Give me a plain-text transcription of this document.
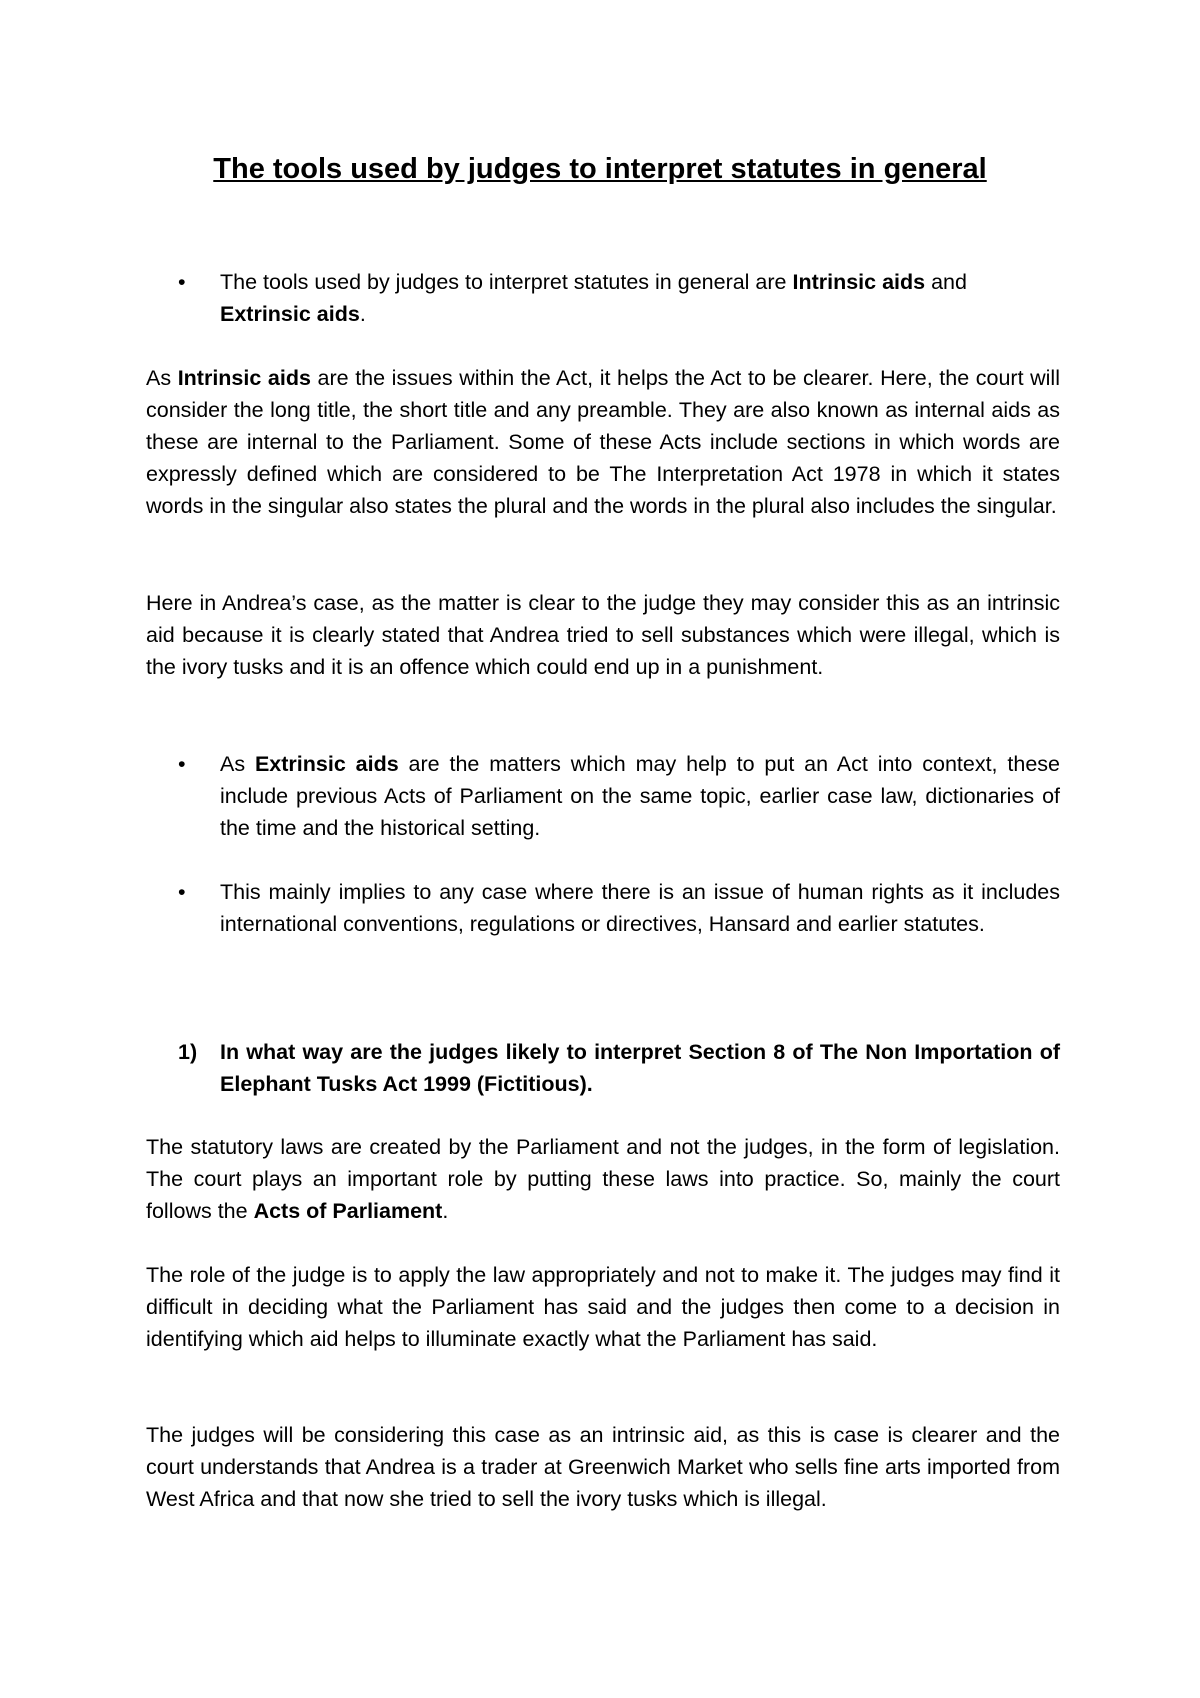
The tools used by judges to interpret statutes in general
•	The tools used by judges to interpret statutes in general are Intrinsic aids and Extrinsic aids.
As Intrinsic aids are the issues within the Act, it helps the Act to be clearer. Here, the court will consider the long title, the short title and any preamble. They are also known as internal aids as these are internal to the Parliament. Some of these Acts include sections in which words are expressly defined which are considered to be The Interpretation Act 1978 in which it states words in the singular also states the plural and the words in the plural also includes the singular.
Here in Andrea’s case, as the matter is clear to the judge they may consider this as an intrinsic aid because it is clearly stated that Andrea tried to sell substances which were illegal, which is the ivory tusks and it is an offence which could end up in a punishment.
•	As Extrinsic aids are the matters which may help to put an Act into context, these include previous Acts of Parliament on the same topic, earlier case law, dictionaries of the time and the historical setting.
•	This mainly implies to any case where there is an issue of human rights as it includes international conventions, regulations or directives, Hansard and earlier statutes.
1) In what way are the judges likely to interpret Section 8 of The Non Importation of Elephant Tusks Act 1999 (Fictitious).
The statutory laws are created by the Parliament and not the judges, in the form of legislation. The court plays an important role by putting these laws into practice. So, mainly the court follows the Acts of Parliament.
The role of the judge is to apply the law appropriately and not to make it. The judges may find it difficult in deciding what the Parliament has said and the judges then come to a decision in identifying which aid helps to illuminate exactly what the Parliament has said.
The judges will be considering this case as an intrinsic aid, as this is case is clearer and the court understands that Andrea is a trader at Greenwich Market who sells fine arts imported from West Africa and that now she tried to sell the ivory tusks which is illegal.
